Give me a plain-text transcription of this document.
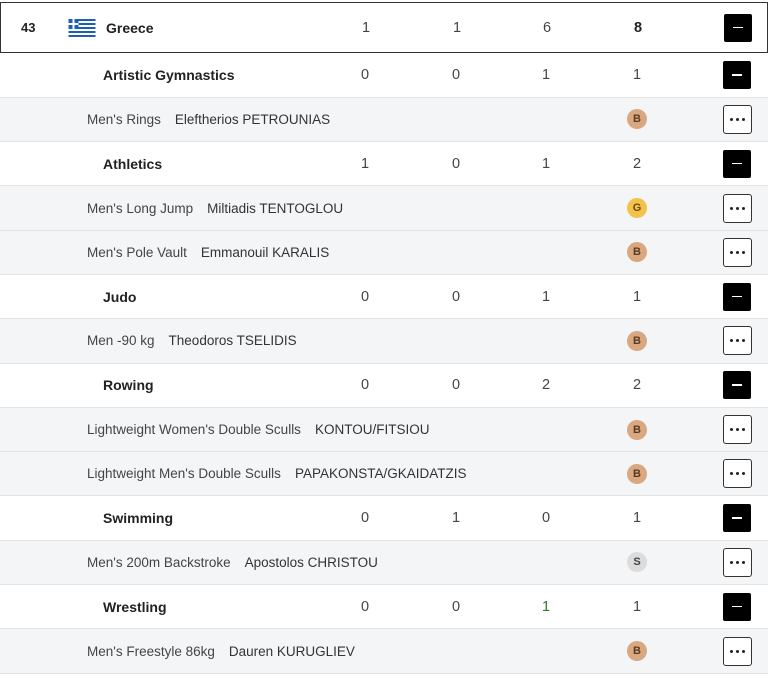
43	Greece	1	1	6	8
Artistic Gymnastics	0	0	1	1
Men's Rings Eleftherios PETROUNIAS	B
Athletics	1	0	1	2
Men's Long Jump Miltiadis TENTOGLOU	G
Men's Pole Vault Emmanouil KARALIS	B
Judo	0	0	1	1
Men -90 kg Theodoros TSELIDIS	B
Rowing	0	0	2	2
Lightweight Women's Double Sculls KONTOU/FITSIOU	B
Lightweight Men's Double Sculls PAPAKONSTA/GKAIDATZIS	B
Swimming	0	1	0	1
Men's 200m Backstroke Apostolos CHRISTOU	S
Wrestling	0	0	1	1
Men's Freestyle 86kg Dauren KURUGLIEV	B
